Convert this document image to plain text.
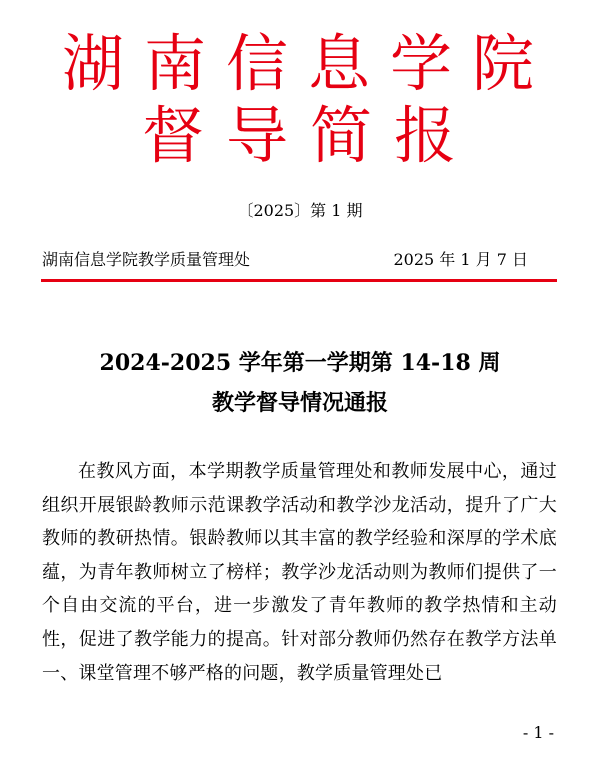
湖南信息学院
督导简报
〔2025〕第 1 期
湖南信息学院教学质量管理处	2025 年 1 月 7 日
2024-2025 学年第一学期第 14-18 周
教学督导情况通报
在教风方面，本学期教学质量管理处和教师发展中心，通过组织开展银龄教师示范课教学活动和教学沙龙活动，提升了广大教师的教研热情。银龄教师以其丰富的教学经验和深厚的学术底蕴，为青年教师树立了榜样；教学沙龙活动则为教师们提供了一个自由交流的平台，进一步激发了青年教师的教学热情和主动性，促进了教学能力的提高。针对部分教师仍然存在教学方法单一、课堂管理不够严格的问题，教学质量管理处已
- 1 -
